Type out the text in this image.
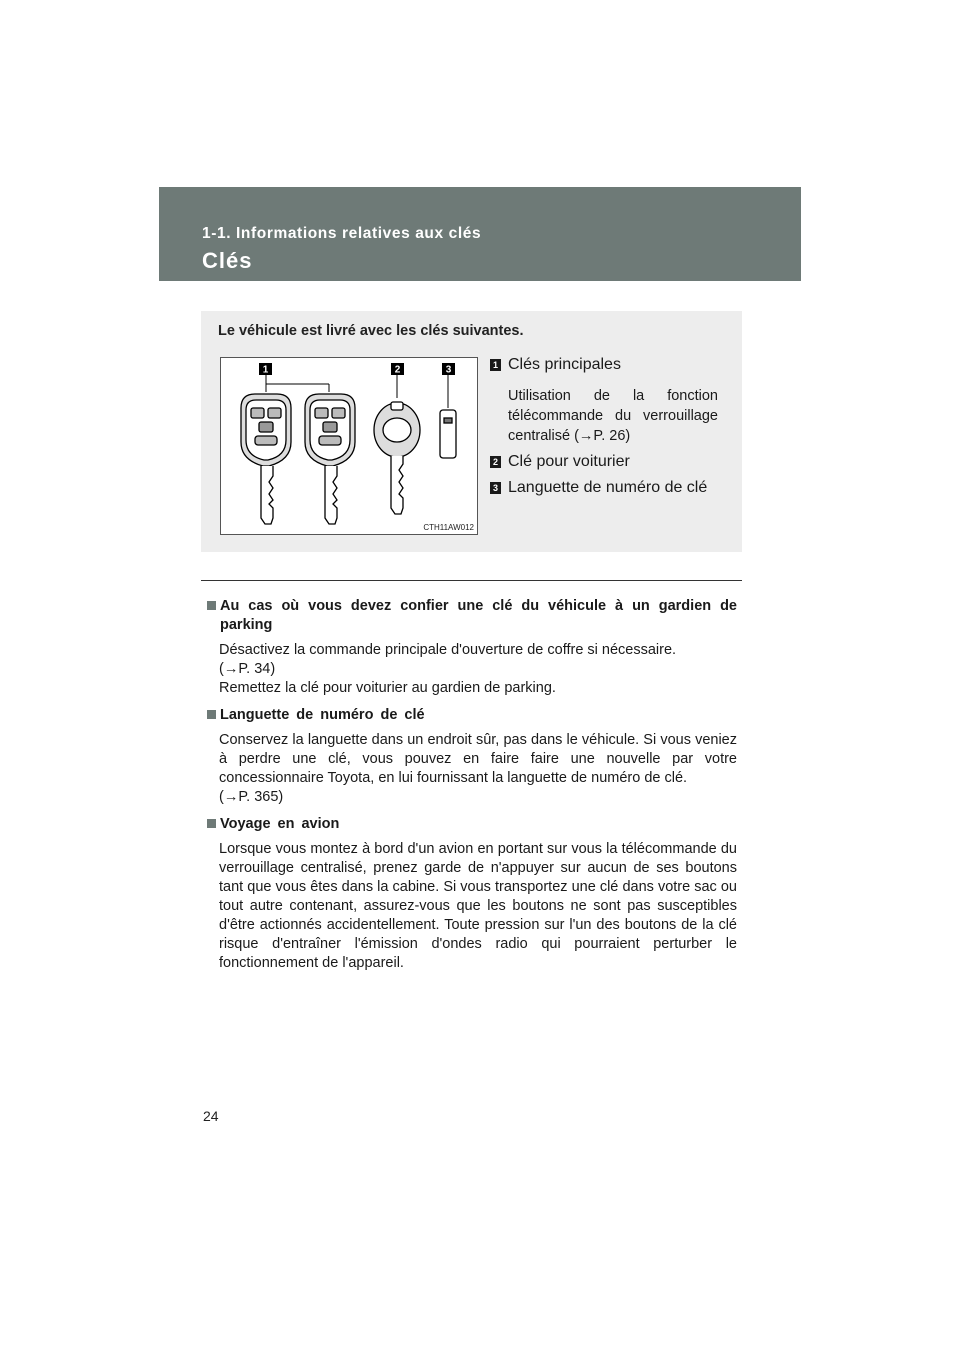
1-1. Informations relatives aux clés
Clés
Le véhicule est livré avec les clés suivantes.
1	2	3
CTH11AW012
1 Clés principales
Utilisation de la fonction télécommande du verrouillage centralisé (→P. 26)
2 Clé pour voiturier
3 Languette de numéro de clé
Au cas où vous devez confier une clé du véhicule à un gardien de parking

Désactivez la commande principale d'ouverture de coffre si nécessaire.

(→P. 34)

Remettez la clé pour voiturier au gardien de parking.

Languette de numéro de clé

Conservez la languette dans un endroit sûr, pas dans le véhicule. Si vous veniez à perdre une clé, vous pouvez en faire faire une nouvelle par votre concessionnaire Toyota, en lui fournissant la languette de numéro de clé.

(→P. 365)

Voyage en avion

Lorsque vous montez à bord d'un avion en portant sur vous la télécommande du verrouillage centralisé, prenez garde de n'appuyer sur aucun de ses boutons tant que vous êtes dans la cabine. Si vous transportez une clé dans votre sac ou tout autre contenant, assurez-vous que les boutons ne sont pas susceptibles d'être actionnés accidentellement. Toute pression sur l'un des boutons de la clé risque d'entraîner l'émission d'ondes radio qui pourraient perturber le fonctionnement de l'appareil.

24
